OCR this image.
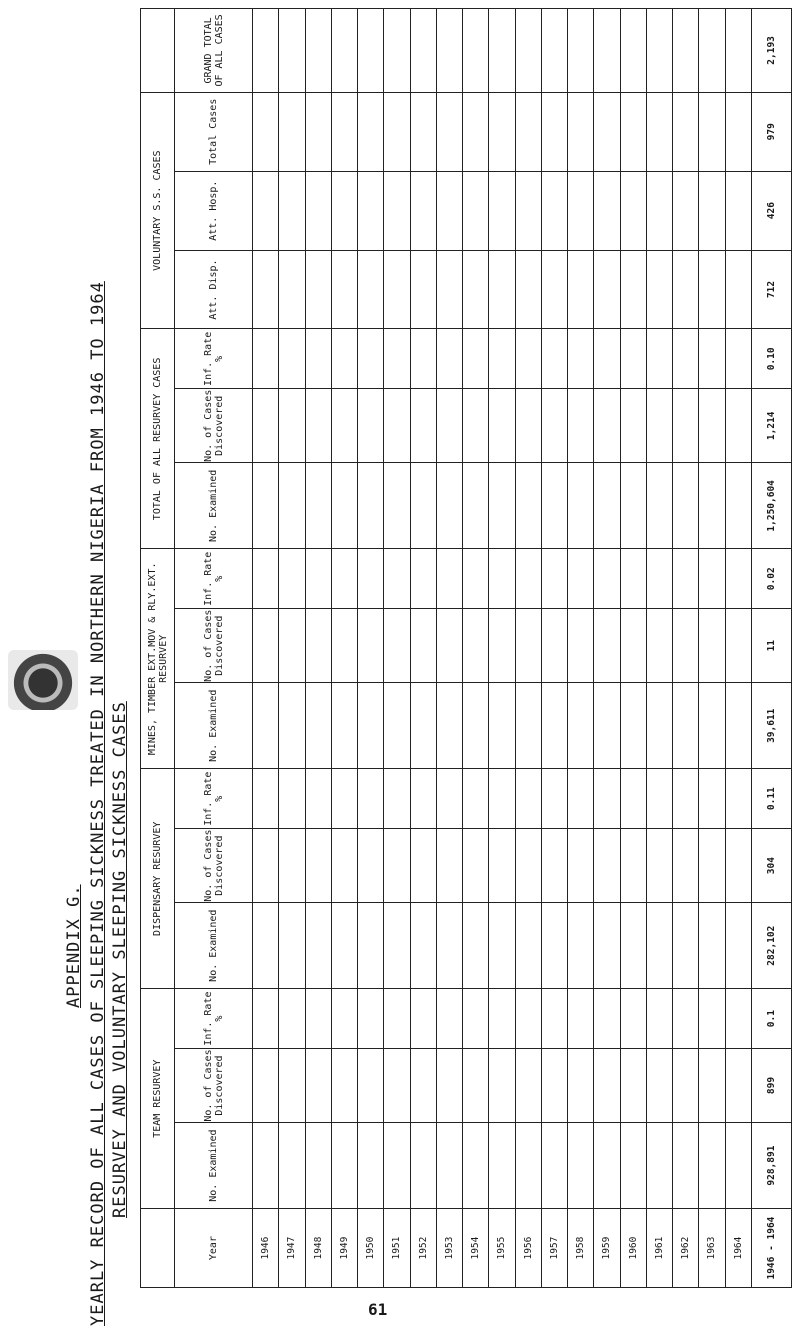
APPENDIX G. YEARLY RECORD OF ALL CASES OF SLEEPING SICKNESS TREATED IN NORTHERN NIGERIA FROM 1946 TO 1964 RESURVEY AND VOLUNTARY SLEEPING SICKNESS CASES
	TEAM RESURVEY			DISPENSARY RESURVEY			MINES, TIMBER EXT.MOV & RLY.EXT. RESURVEY			TOTAL OF ALL RESURVEY CASES			VOLUNTARY S.S. CASES			
Year	No. Examined	No. of Cases Discovered	Inf. Rate %	No. Examined	No. of Cases Discovered	Inf. Rate %	No. Examined	No. of Cases Discovered	Inf. Rate %	No. Examined	No. of Cases Discovered	Inf. Rate %	Att. Disp.	Att. Hosp.	Total Cases	GRAND TOTAL OF ALL CASES
1946																
1947																
1948																
1949																
1950																
1951																
1952																
1953																
1954																
1955																
1956																
1957																
1958																
1959																
1960																
1961																
1962																
1963																
1964																
1946 - 1964	928,891	899	0.1	282,102	304	0.11	39,611	11	0.02	1,250,604	1,214	0.10	712	426	979	2,193
61
